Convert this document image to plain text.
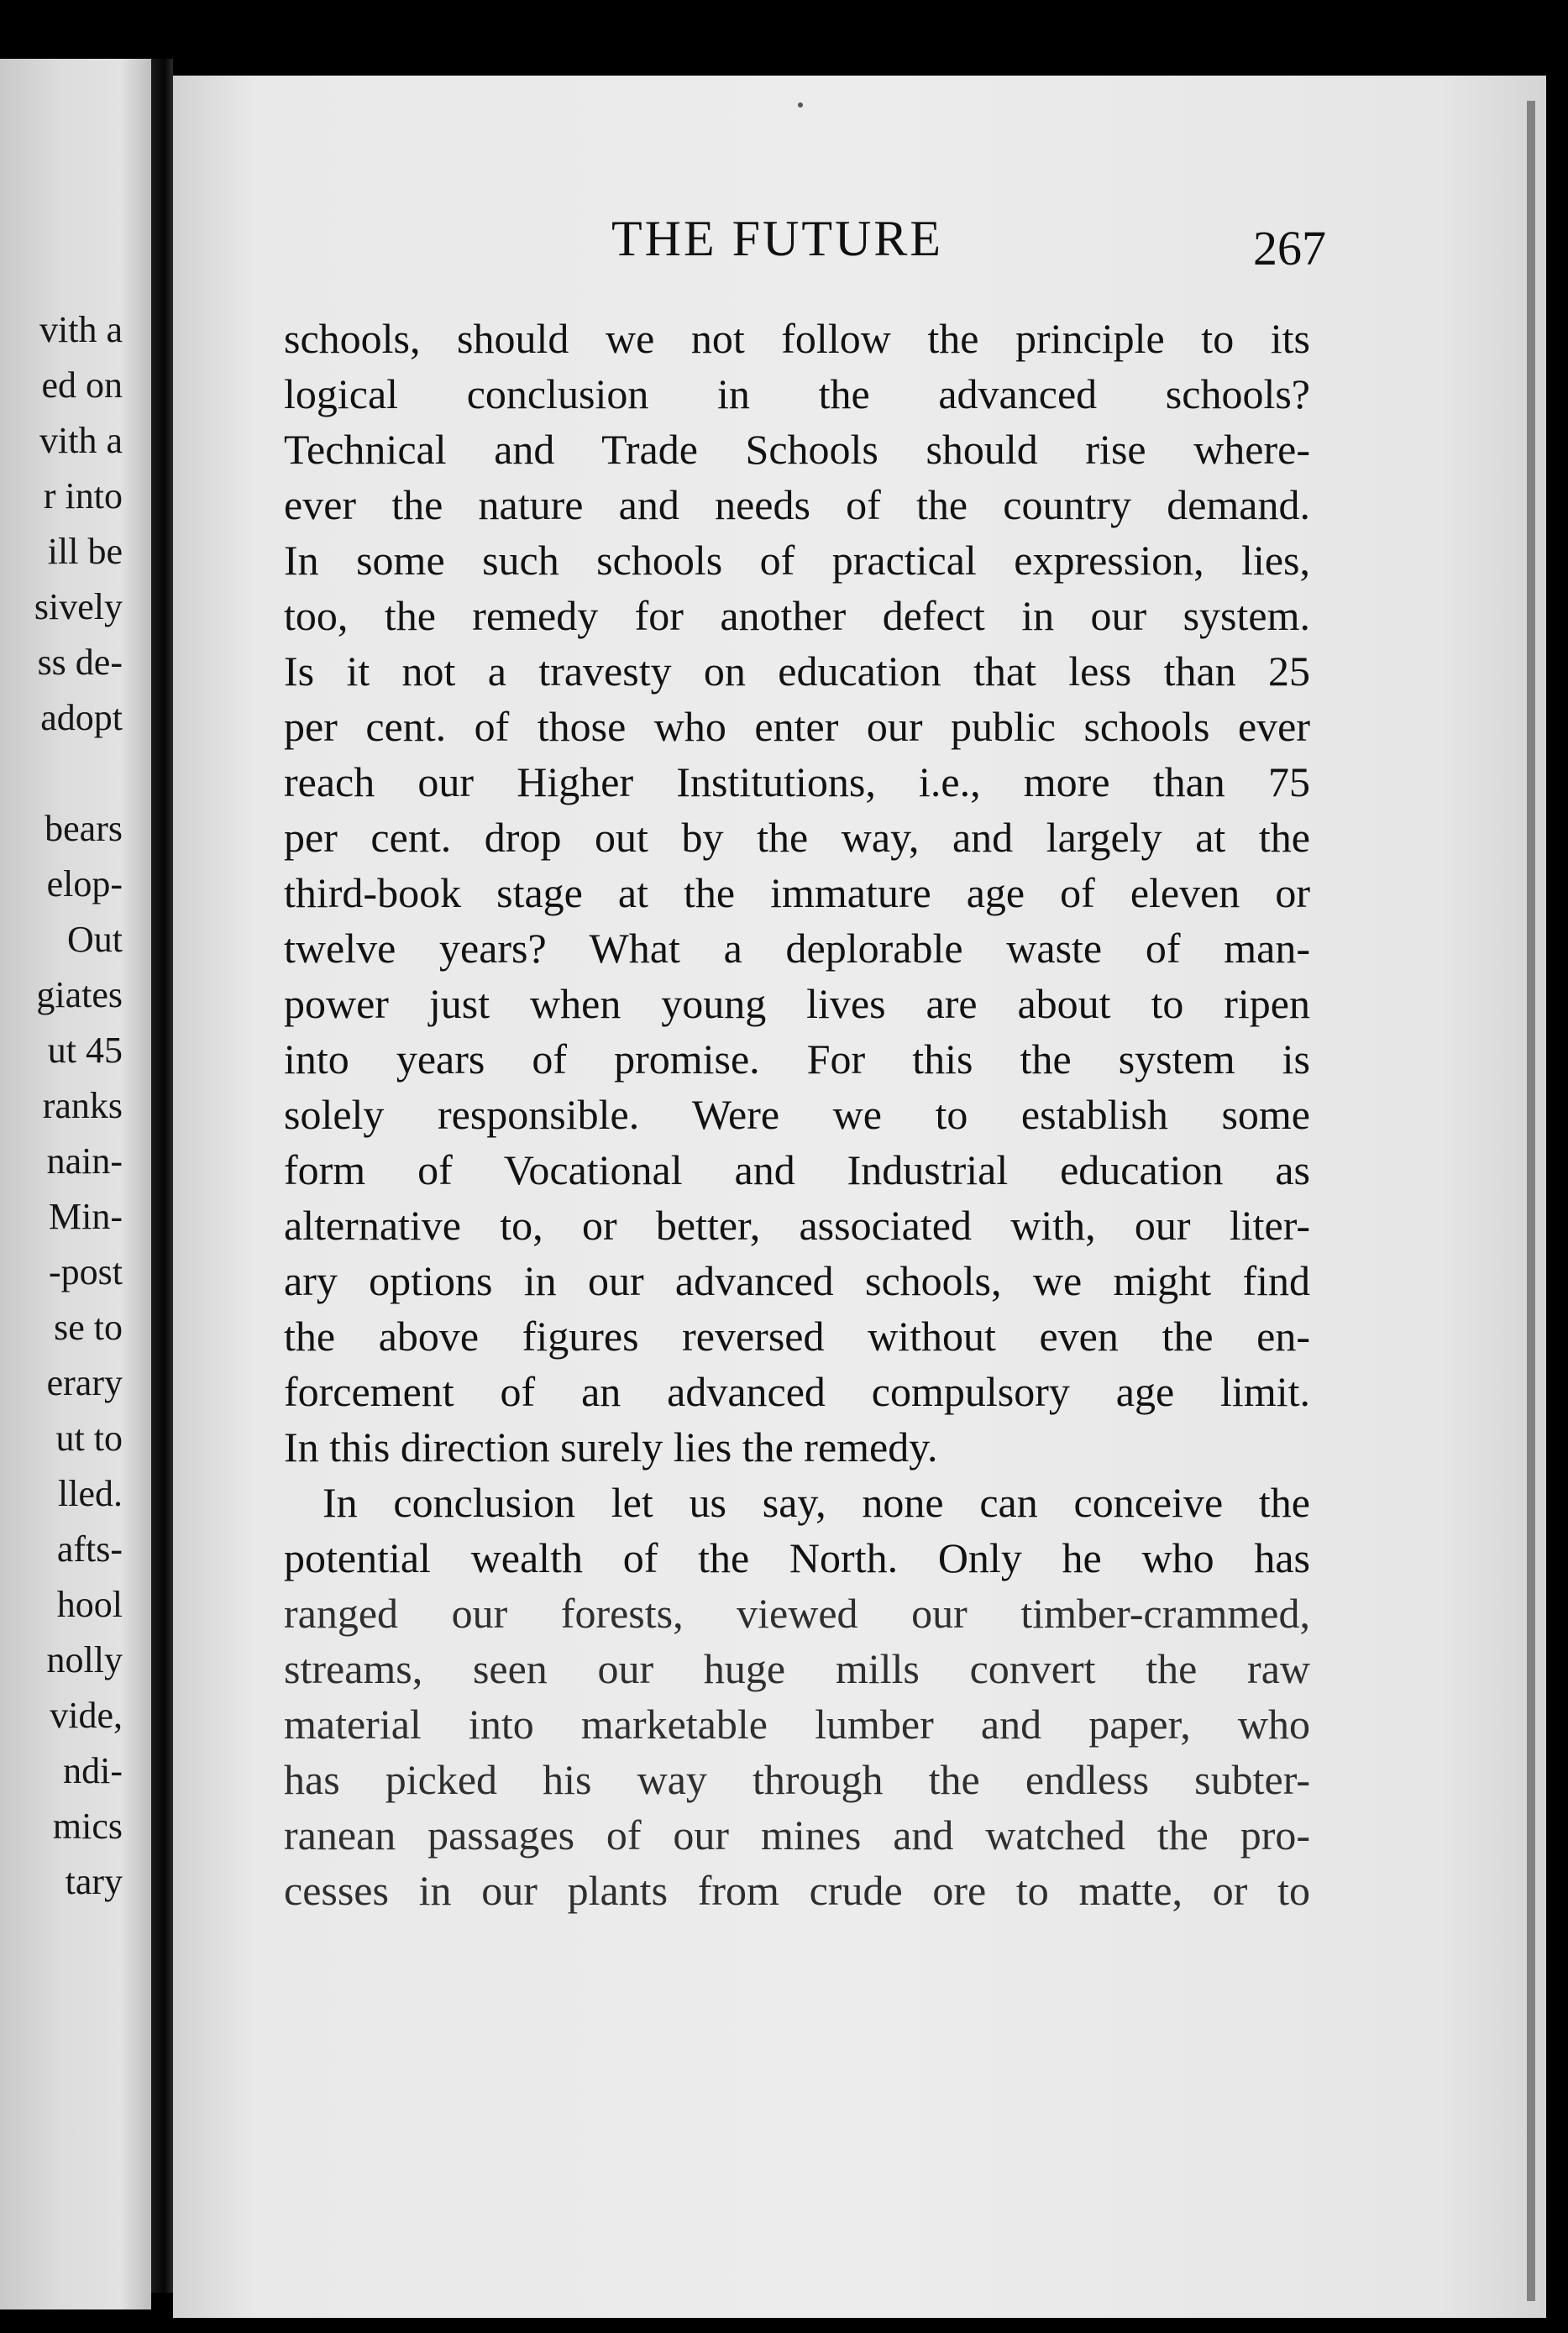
vith a
ed on
vith a
r into
ill be
sively
ss de-
adopt
bears
elop-
Out
giates
ut 45
ranks
nain-
Min-
-post
se to
erary
ut to
lled.
afts-
hool
nolly
vide,
ndi-
mics
tary
THE FUTURE	267
schools, should we not follow the principle to its
logical conclusion in the advanced schools?
Technical and Trade Schools should rise where-
ever the nature and needs of the country demand.
In some such schools of practical expression, lies,
too, the remedy for another defect in our system.
Is it not a travesty on education that less than 25
per cent. of those who enter our public schools ever
reach our Higher Institutions, i.e., more than 75
per cent. drop out by the way, and largely at the
third-book stage at the immature age of eleven or
twelve years? What a deplorable waste of man-
power just when young lives are about to ripen
into years of promise. For this the system is
solely responsible. Were we to establish some
form of Vocational and Industrial education as
alternative to, or better, associated with, our liter-
ary options in our advanced schools, we might find
the above figures reversed without even the en-
forcement of an advanced compulsory age limit.
In this direction surely lies the remedy.
In conclusion let us say, none can conceive the
potential wealth of the North. Only he who has
ranged our forests, viewed our timber-crammed,
streams, seen our huge mills convert the raw
material into marketable lumber and paper, who
has picked his way through the endless subter-
ranean passages of our mines and watched the pro-
cesses in our plants from crude ore to matte, or to
